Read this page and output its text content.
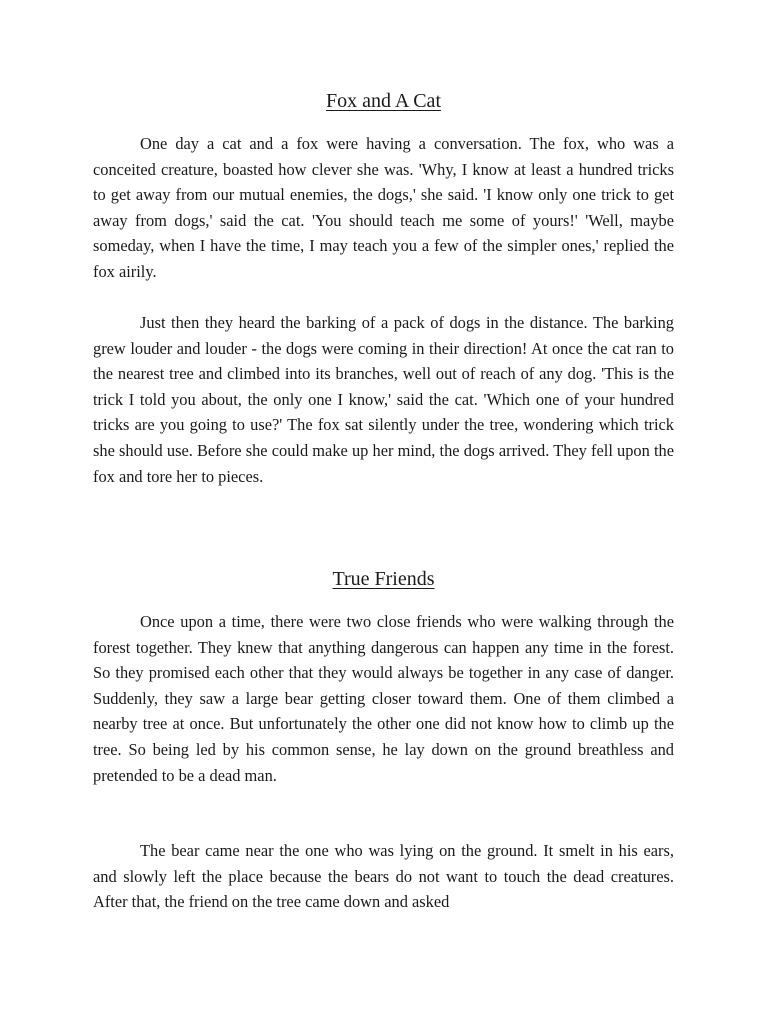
Fox and A Cat

One day a cat and a fox were having a conversation. The fox, who was a conceited creature, boasted how clever she was. 'Why, I know at least a hundred tricks to get away from our mutual enemies, the dogs,' she said. 'I know only one trick to get away from dogs,' said the cat. 'You should teach me some of yours!' 'Well, maybe someday, when I have the time, I may teach you a few of the simpler ones,' replied the fox airily.

Just then they heard the barking of a pack of dogs in the distance. The barking grew louder and louder - the dogs were coming in their direction! At once the cat ran to the nearest tree and climbed into its branches, well out of reach of any dog. 'This is the trick I told you about, the only one I know,' said the cat. 'Which one of your hundred tricks are you going to use?' The fox sat silently under the tree, wondering which trick she should use. Before she could make up her mind, the dogs arrived. They fell upon the fox and tore her to pieces.

True Friends

Once upon a time, there were two close friends who were walking through the forest together. They knew that anything dangerous can happen any time in the forest. So they promised each other that they would always be together in any case of danger. Suddenly, they saw a large bear getting closer toward them. One of them climbed a nearby tree at once. But unfortunately the other one did not know how to climb up the tree. So being led by his common sense, he lay down on the ground breathless and pretended to be a dead man.

The bear came near the one who was lying on the ground. It smelt in his ears, and slowly left the place because the bears do not want to touch the dead creatures. After that, the friend on the tree came down and asked
